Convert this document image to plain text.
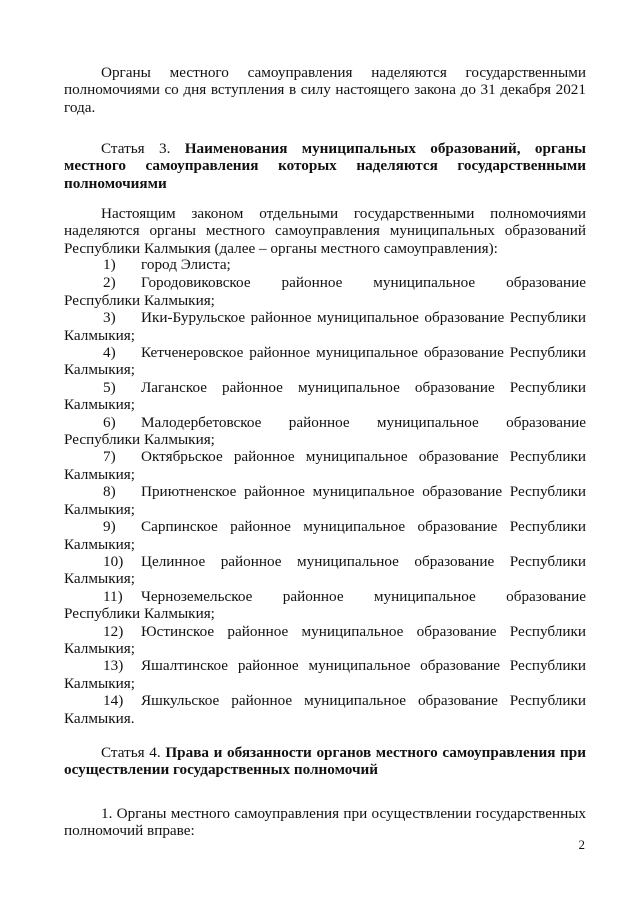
Органы местного самоуправления наделяются государственными полномочиями со дня вступления в силу настоящего закона до 31 декабря 2021 года.

Статья 3. Наименования муниципальных образований, органы местного самоуправления которых наделяются государственными полномочиями

Настоящим законом отдельными государственными полномочиями наделяются органы местного самоуправления муниципальных образований Республики Калмыкия (далее – органы местного самоуправления):

1) город Элиста;
2) Городовиковское районное муниципальное образование
Республики Калмыкия;
3) Ики-Бурульское районное муниципальное образование Республики
Калмыкия;
4) Кетченеровское районное муниципальное образование Республики
Калмыкия;
5) Лаганское районное муниципальное образование Республики
Калмыкия;
6) Малодербетовское районное муниципальное образование
Республики Калмыкия;
7) Октябрьское районное муниципальное образование Республики
Калмыкия;
8) Приютненское районное муниципальное образование Республики
Калмыкия;
9) Сарпинское районное муниципальное образование Республики
Калмыкия;
10) Целинное районное муниципальное образование Республики
Калмыкия;
11) Черноземельское районное муниципальное образование
Республики Калмыкия;
12) Юстинское районное муниципальное образование Республики
Калмыкия;
13) Яшалтинское районное муниципальное образование Республики
Калмыкия;
14) Яшкульское районное муниципальное образование Республики
Калмыкия.

Статья 4. Права и обязанности органов местного самоуправления при осуществлении государственных полномочий

1. Органы местного самоуправления при осуществлении государственных полномочий вправе:

2
